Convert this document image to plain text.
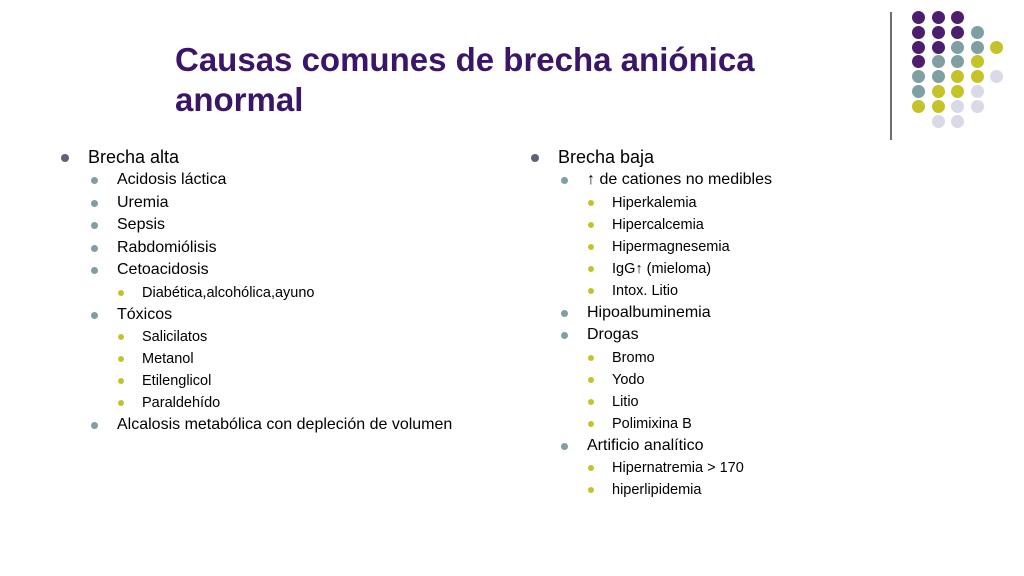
Causas comunes de brecha aniónica anormal
Brecha alta
Acidosis láctica
Uremia
Sepsis
Rabdomiólisis
Cetoacidosis
Diabética,alcohólica,ayuno
Tóxicos
Salicilatos
Metanol
Etilenglicol
Paraldehído
Alcalosis metabólica con depleción de volumen
Brecha baja
↑ de cationes no medibles
Hiperkalemia
Hipercalcemia
Hipermagnesemia
IgG↑ (mieloma)
Intox. Litio
Hipoalbuminemia
Drogas
Bromo
Yodo
Litio
Polimixina B
Artificio analítico
Hipernatremia > 170
hiperlipidemia
